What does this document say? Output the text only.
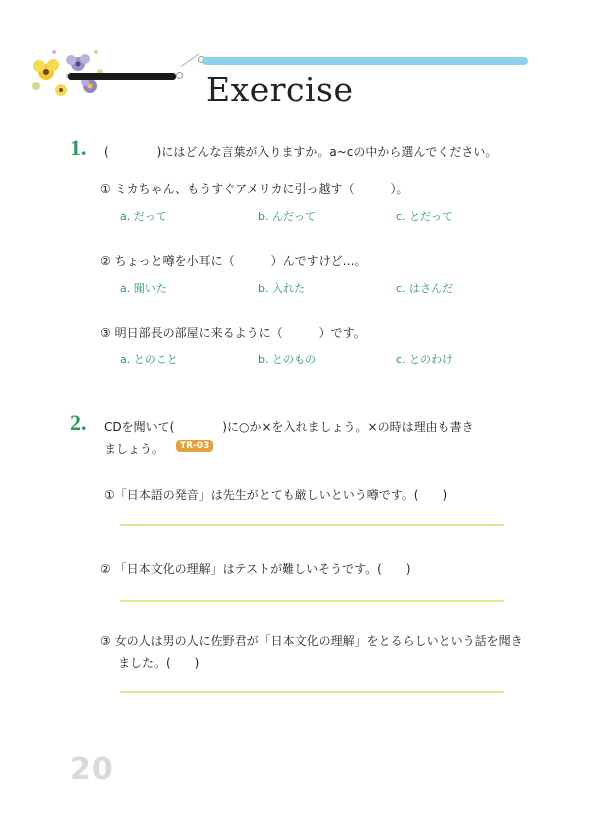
Exercise
1. (　　　　)にはどんな言葉が入りますか。a~cの中から選んでください。
① ミカちゃん、もうすぐアメリカに引っ越す（　　　）。
a. だって	b. んだって	c. とだって
② ちょっと噂を小耳に（　　　）んですけど…。
a. 聞いた	b. 入れた	c. はさんだ
③ 明日部長の部屋に来るように（　　　）です。
a. とのこと	b. とのもの	c. とのわけ
2. CDを聞いて(　　　　)に○か×を入れましょう。×の時は理由も書き
ましょう。	TR-03
①「日本語の発音」は先生がとても厳しいという噂です。(　　)
② 「日本文化の理解」はテストが難しいそうです。(　　)
③ 女の人は男の人に佐野君が「日本文化の理解」をとるらしいという話を聞き
ました。(　　)
20
